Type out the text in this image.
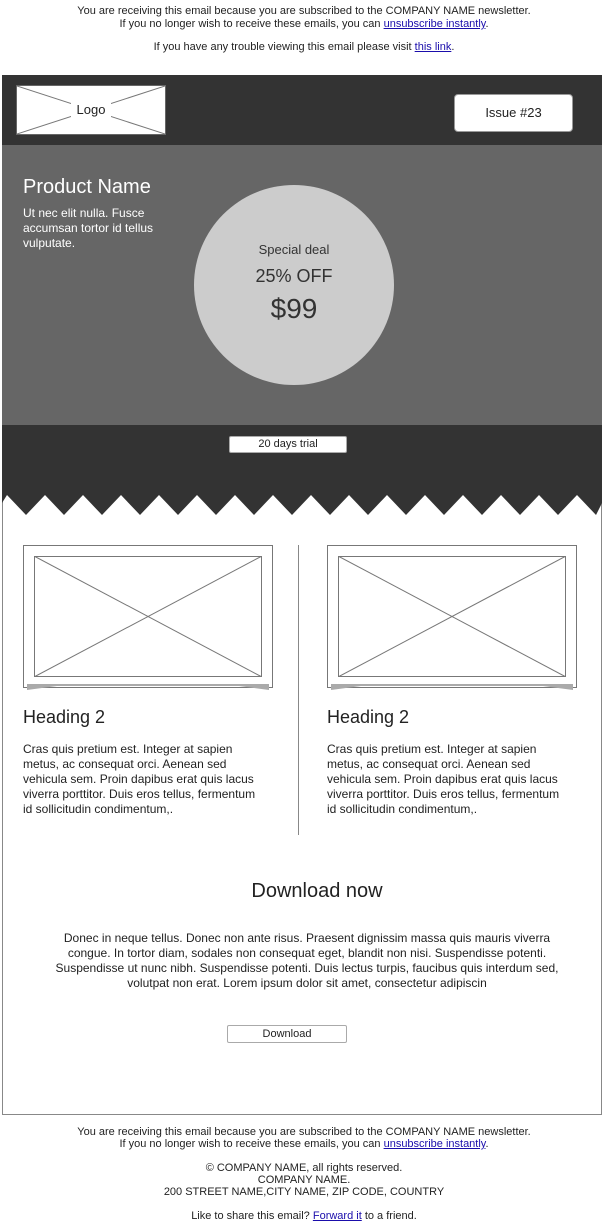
You are receiving this email because you are subscribed to the COMPANY NAME newsletter.
If you no longer wish to receive these emails, you can unsubscribe instantly.
If you have any trouble viewing this email please visit this link.
Logo	Issue #23
Product Name
Ut nec elit nulla. Fusce accumsan tortor id tellus vulputate.	Special deal
25% OFF
$99
20 days trial
Heading 2

Cras quis pretium est. Integer at sapien metus, ac consequat orci. Aenean sed vehicula sem. Proin dapibus erat quis lacus viverra porttitor. Duis eros tellus, fermentum id sollicitudin condimentum,.

Heading 2

Cras quis pretium est. Integer at sapien metus, ac consequat orci. Aenean sed vehicula sem. Proin dapibus erat quis lacus viverra porttitor. Duis eros tellus, fermentum id sollicitudin condimentum,.

Download now
Donec in neque tellus. Donec non ante risus. Praesent dignissim massa quis mauris viverra congue. In tortor diam, sodales non consequat eget, blandit non nisi. Suspendisse potenti. Suspendisse ut nunc nibh. Suspendisse potenti. Duis lectus turpis, faucibus quis interdum sed, volutpat non erat. Lorem ipsum dolor sit amet, consectetur adipiscin
Download
You are receiving this email because you are subscribed to the COMPANY NAME newsletter.
If you no longer wish to receive these emails, you can unsubscribe instantly.
© COMPANY NAME, all rights reserved.
COMPANY NAME.
200 STREET NAME,CITY NAME, ZIP CODE, COUNTRY
Like to share this email? Forward it to a friend.
